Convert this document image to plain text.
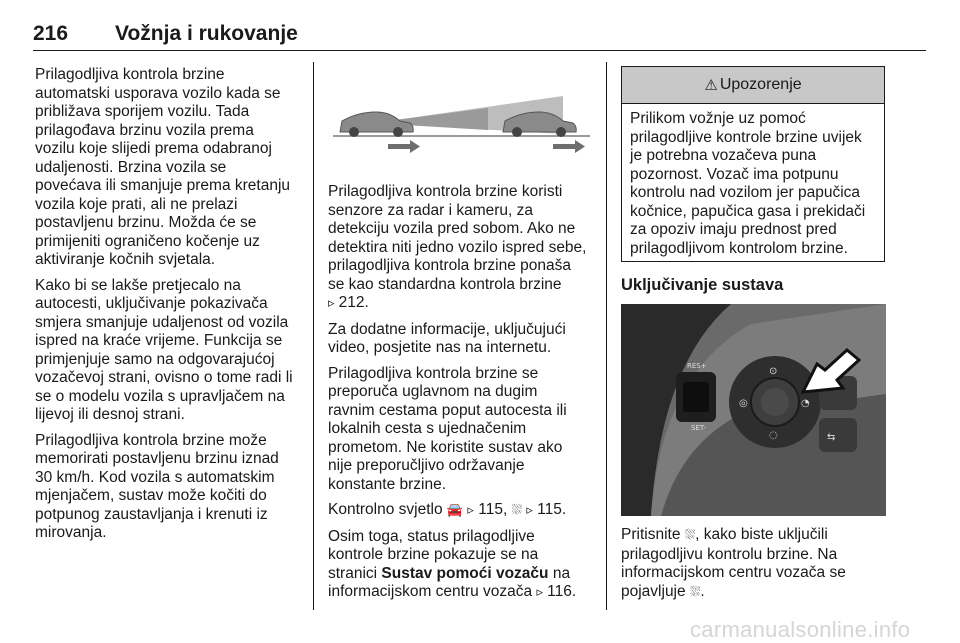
216 Vožnja i rukovanje

Prilagodljiva kontrola brzine
automatski usporava vozilo kada se
približava sporijem vozilu. Tada
prilagođava brzinu vozila prema
vozilu koje slijedi prema odabranoj
udaljenosti. Brzina vozila se
povećava ili smanjuje prema kretanju
vozila koje prati, ali ne prelazi
postavljenu brzinu. Možda će se
primijeniti ograničeno kočenje uz
aktiviranje kočnih svjetala.

Kako bi se lakše pretjecalo na
autocesti, uključivanje pokazivača
smjera smanjuje udaljenost od vozila
ispred na kraće vrijeme. Funkcija se
primjenjuje samo na odgovarajućoj
vozačevoj strani, ovisno o tome radi li
se o modelu vozila s upravljačem na
lijevoj ili desnoj strani.

Prilagodljiva kontrola brzine može
memorirati postavljenu brzinu iznad
30 km/h. Kod vozila s automatskim
mjenjačem, sustav može kočiti do
potpunog zaustavljanja i krenuti iz
mirovanja.

Prilagodljiva kontrola brzine koristi
senzore za radar i kameru, za
detekciju vozila pred sobom. Ako ne
detektira niti jedno vozilo ispred sebe,
prilagodljiva kontrola brzine ponaša
se kao standardna kontrola brzine
▹ 212.

Za dodatne informacije, uključujući
video, posjetite nas na internetu.

Prilagodljiva kontrola brzine se
preporuča uglavnom na dugim
ravnim cestama poput autocesta ili
lokalnih cesta s ujednačenim
prometom. Ne koristite sustav ako
nije preporučljivo održavanje
konstante brzine.

Kontrolno svjetlo 🚘 ▹ 115, ⛆ ▹ 115.

Osim toga, status prilagodljive
kontrole brzine pokazuje se na
stranici Sustav pomoći vozaču na
informacijskom centru vozača ▹ 116.

⚠ Upozorenje
Prilikom vožnje uz pomoć
prilagodljive kontrole brzine uvijek
je potrebna vozačeva puna
pozornost. Vozač ima potpunu
kontrolu nad vozilom jer papučica
kočnice, papučica gasa i prekidači
za opoziv imaju prednost pred
prilagodljivom kontrolom brzine.
Uključivanje sustava
RES+
SET-
⊙
◎	◔
◌	⇆
Pritisnite ⛆, kako biste uključili
prilagodljivu kontrolu brzine. Na
informacijskom centru vozača se
pojavljuje ⛆.
carmanualsonline.info
